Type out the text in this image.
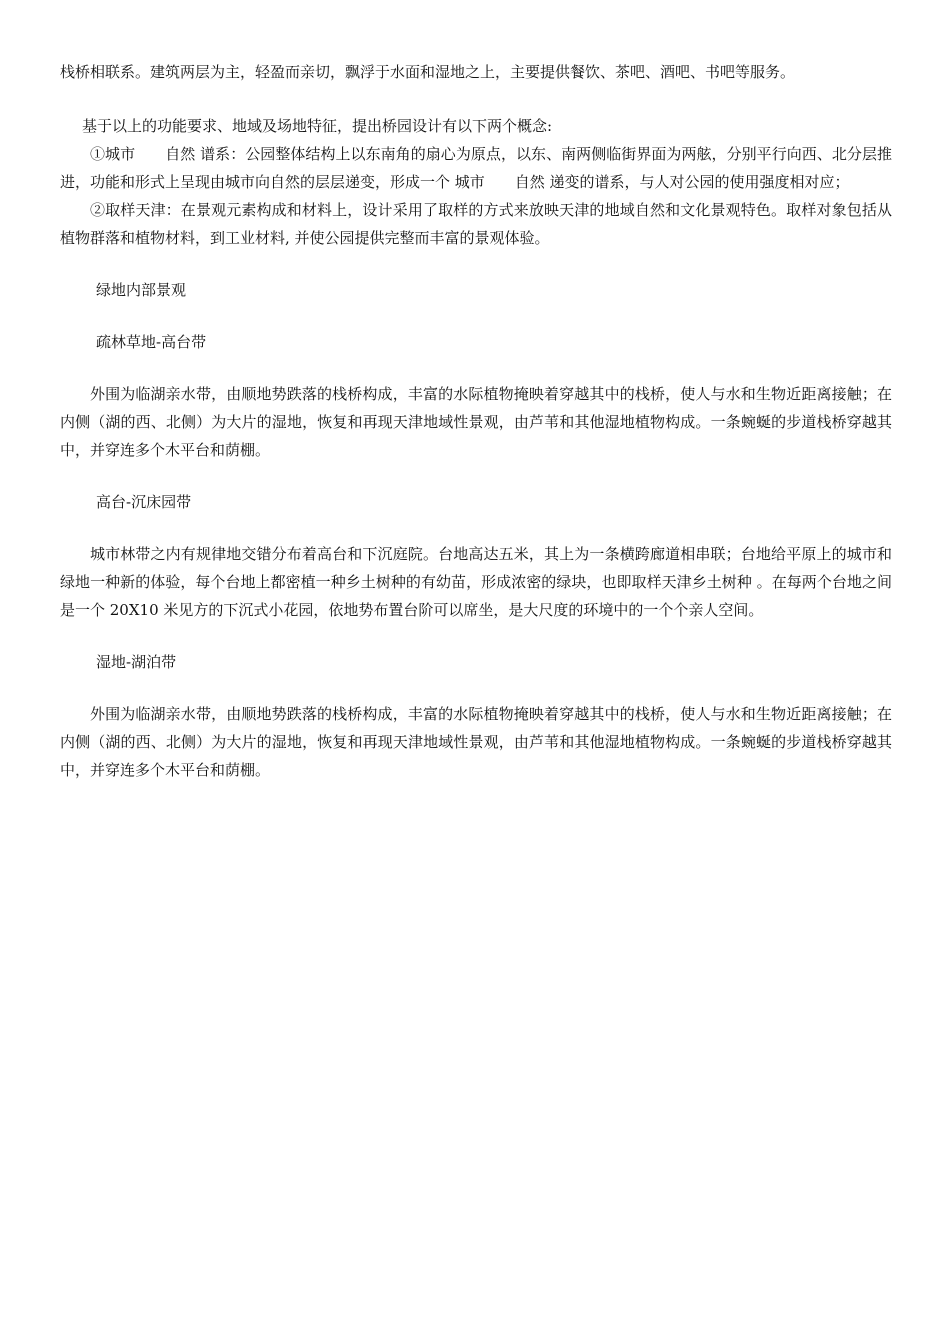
栈桥相联系。建筑两层为主，轻盈而亲切，飘浮于水面和湿地之上，主要提供餐饮、茶吧、酒吧、书吧等服务。

基于以上的功能要求、地域及场地特征，提出桥园设计有以下两个概念:

①城市　　自然 谱系：公园整体结构上以东南角的扇心为原点，以东、南两侧临街界面为两舷，分别平行向西、北分层推进，功能和形式上呈现由城市向自然的层层递变，形成一个 城市　　自然 递变的谱系，与人对公园的使用强度相对应；

②取样天津：在景观元素构成和材料上，设计采用了取样的方式来放映天津的地域自然和文化景观特色。取样对象包括从植物群落和植物材料，到工业材料, 并使公园提供完整而丰富的景观体验。

绿地内部景观

疏林草地-高台带

外围为临湖亲水带，由顺地势跌落的栈桥构成，丰富的水际植物掩映着穿越其中的栈桥，使人与水和生物近距离接触；在内侧（湖的西、北侧）为大片的湿地，恢复和再现天津地域性景观，由芦苇和其他湿地植物构成。一条蜿蜒的步道栈桥穿越其中，并穿连多个木平台和荫棚。

高台-沉床园带

城市林带之内有规律地交错分布着高台和下沉庭院。台地高达五米，其上为一条横跨廊道相串联；台地给平原上的城市和绿地一种新的体验，每个台地上都密植一种乡土树种的有幼苗，形成浓密的绿块，也即取样天津乡土树种 。在每两个台地之间是一个 20X10 米见方的下沉式小花园，依地势布置台阶可以席坐，是大尺度的环境中的一个个亲人空间。

湿地-湖泊带

外围为临湖亲水带，由顺地势跌落的栈桥构成，丰富的水际植物掩映着穿越其中的栈桥，使人与水和生物近距离接触；在内侧（湖的西、北侧）为大片的湿地，恢复和再现天津地域性景观，由芦苇和其他湿地植物构成。一条蜿蜒的步道栈桥穿越其中，并穿连多个木平台和荫棚。
